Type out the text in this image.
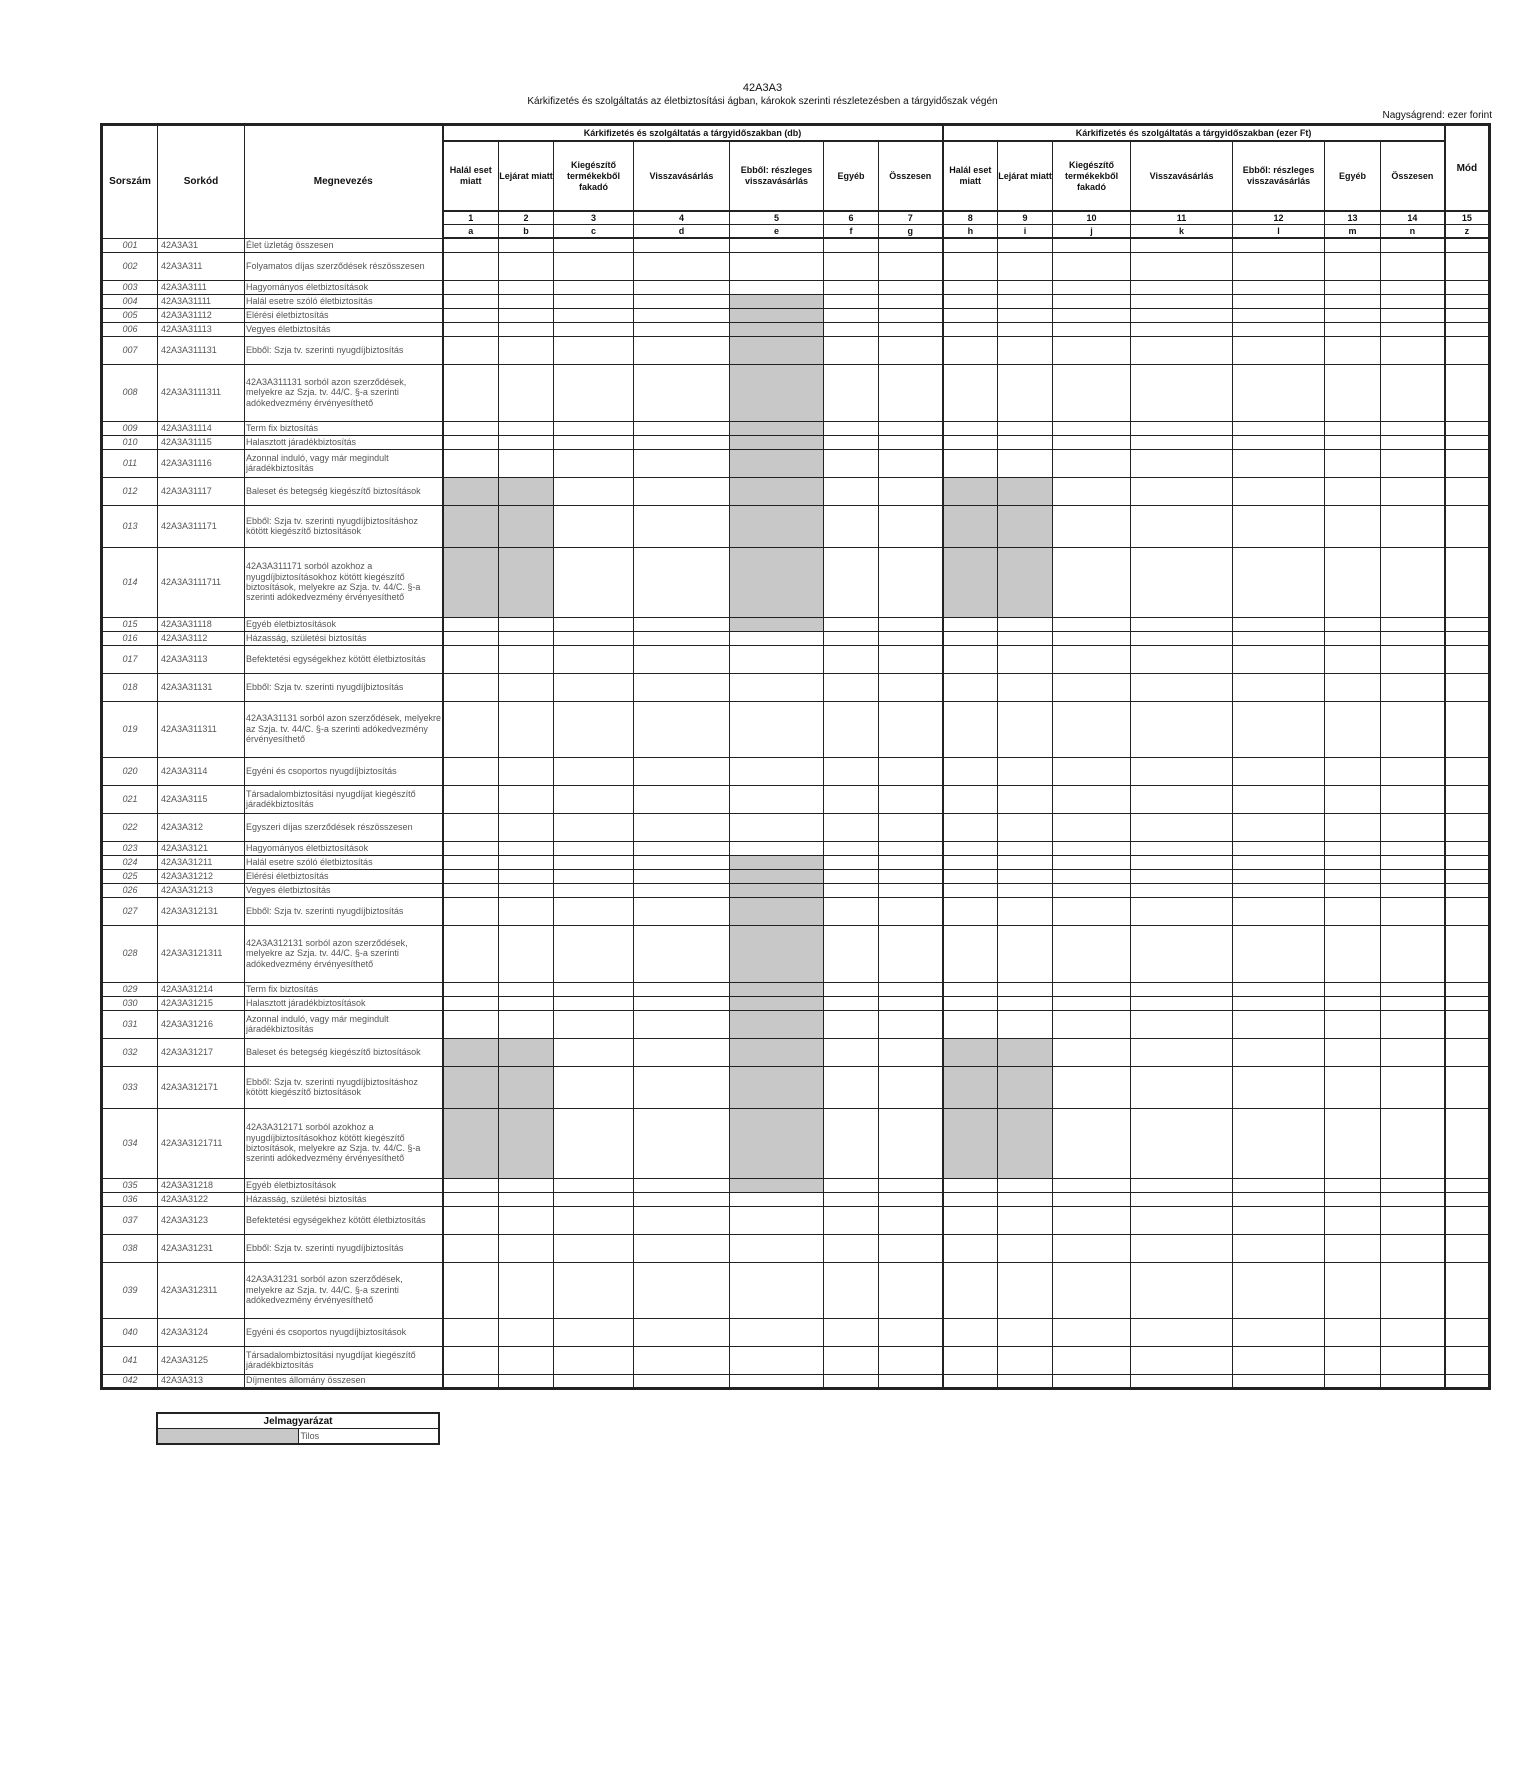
42A3A3
Kárkifizetés és szolgáltatás az életbiztosítási ágban, károkok szerinti részletezésben a tárgyidőszak végén
Nagyságrend: ezer forint
Sorszám	Sorkód	Megnevezés	Kárkifizetés és szolgáltatás a tárgyidőszakban (db)							Kárkifizetés és szolgáltatás a tárgyidőszakban (ezer Ft)							Mód
			Halál eset miatt	Lejárat miatt	Kiegészítő termékekből fakadó	Visszavásárlás	Ebből: részleges visszavásárlás	Egyéb	Összesen	Halál eset miatt	Lejárat miatt	Kiegészítő termékekből fakadó	Visszavásárlás	Ebből: részleges visszavásárlás	Egyéb	Összesen	
			1	2	3	4	5	6	7	8	9	10	11	12	13	14	15
			a	b	c	d	e	f	g	h	i	j	k	l	m	n	z
001	42A3A31	Élet üzletág összesen															
002	42A3A311	Folyamatos díjas szerződések részösszesen															
003	42A3A3111	Hagyományos életbiztosítások															
004	42A3A31111	Halál esetre szóló életbiztosítás															
005	42A3A31112	Elérési életbiztosítás															
006	42A3A31113	Vegyes életbiztosítás															
007	42A3A311131	Ebből: Szja tv. szerinti nyugdíjbiztosítás															
008	42A3A3111311	42A3A311131 sorból azon szerződések, melyekre az Szja. tv. 44/C. §-a szerinti adókedvezmény érvényesíthető															
009	42A3A31114	Term fix biztosítás															
010	42A3A31115	Halasztott járadékbiztosítás															
011	42A3A31116	Azonnal induló, vagy már megindult járadékbiztosítás															
012	42A3A31117	Baleset és betegség kiegészítő biztosítások															
013	42A3A311171	Ebből: Szja tv. szerinti nyugdíjbiztosításhoz kötött kiegészítő biztosítások															
014	42A3A3111711	42A3A311171 sorból azokhoz a nyugdíjbiztosításokhoz kötött kiegészítő biztosítások, melyekre az Szja. tv. 44/C. §-a szerinti adókedvezmény érvényesíthető															
015	42A3A31118	Egyéb életbiztosítások															
016	42A3A3112	Házasság, születési biztosítás															
017	42A3A3113	Befektetési egységekhez kötött életbiztosítás															
018	42A3A31131	Ebből: Szja tv. szerinti nyugdíjbiztosítás															
019	42A3A311311	42A3A31131 sorból azon szerződések, melyekre az Szja. tv. 44/C. §-a szerinti adókedvezmény érvényesíthető															
020	42A3A3114	Egyéni és csoportos nyugdíjbiztosítás															
021	42A3A3115	Társadalombiztosítási nyugdíjat kiegészítő járadékbiztosítás															
022	42A3A312	Egyszeri díjas szerződések részösszesen															
023	42A3A3121	Hagyományos életbiztosítások															
024	42A3A31211	Halál esetre szóló életbiztosítás															
025	42A3A31212	Elérési életbiztosítás															
026	42A3A31213	Vegyes életbiztosítás															
027	42A3A312131	Ebből: Szja tv. szerinti nyugdíjbiztosítás															
028	42A3A3121311	42A3A312131 sorból azon szerződések, melyekre az Szja. tv. 44/C. §-a szerinti adókedvezmény érvényesíthető															
029	42A3A31214	Term fix biztosítás															
030	42A3A31215	Halasztott járadékbiztosítások															
031	42A3A31216	Azonnal induló, vagy már megindult járadékbiztosítás															
032	42A3A31217	Baleset és betegség kiegészítő biztosítások															
033	42A3A312171	Ebből: Szja tv. szerinti nyugdíjbiztosításhoz kötött kiegészítő biztosítások															
034	42A3A3121711	42A3A312171 sorból azokhoz a nyugdíjbiztosításokhoz kötött kiegészítő biztosítások, melyekre az Szja. tv. 44/C. §-a szerinti adókedvezmény érvényesíthető															
035	42A3A31218	Egyéb életbiztosítások															
036	42A3A3122	Házasság, születési biztosítás															
037	42A3A3123	Befektetési egységekhez kötött életbiztosítás															
038	42A3A31231	Ebből: Szja tv. szerinti nyugdíjbiztosítás															
039	42A3A312311	42A3A31231 sorból azon szerződések, melyekre az Szja. tv. 44/C. §-a szerinti adókedvezmény érvényesíthető															
040	42A3A3124	Egyéni és csoportos nyugdíjbiztosítások															
041	42A3A3125	Társadalombiztosítási nyugdíjat kiegészítő járadékbiztosítás															
042	42A3A313	Díjmentes állomány összesen															
Jelmagyarázat
	Tilos
